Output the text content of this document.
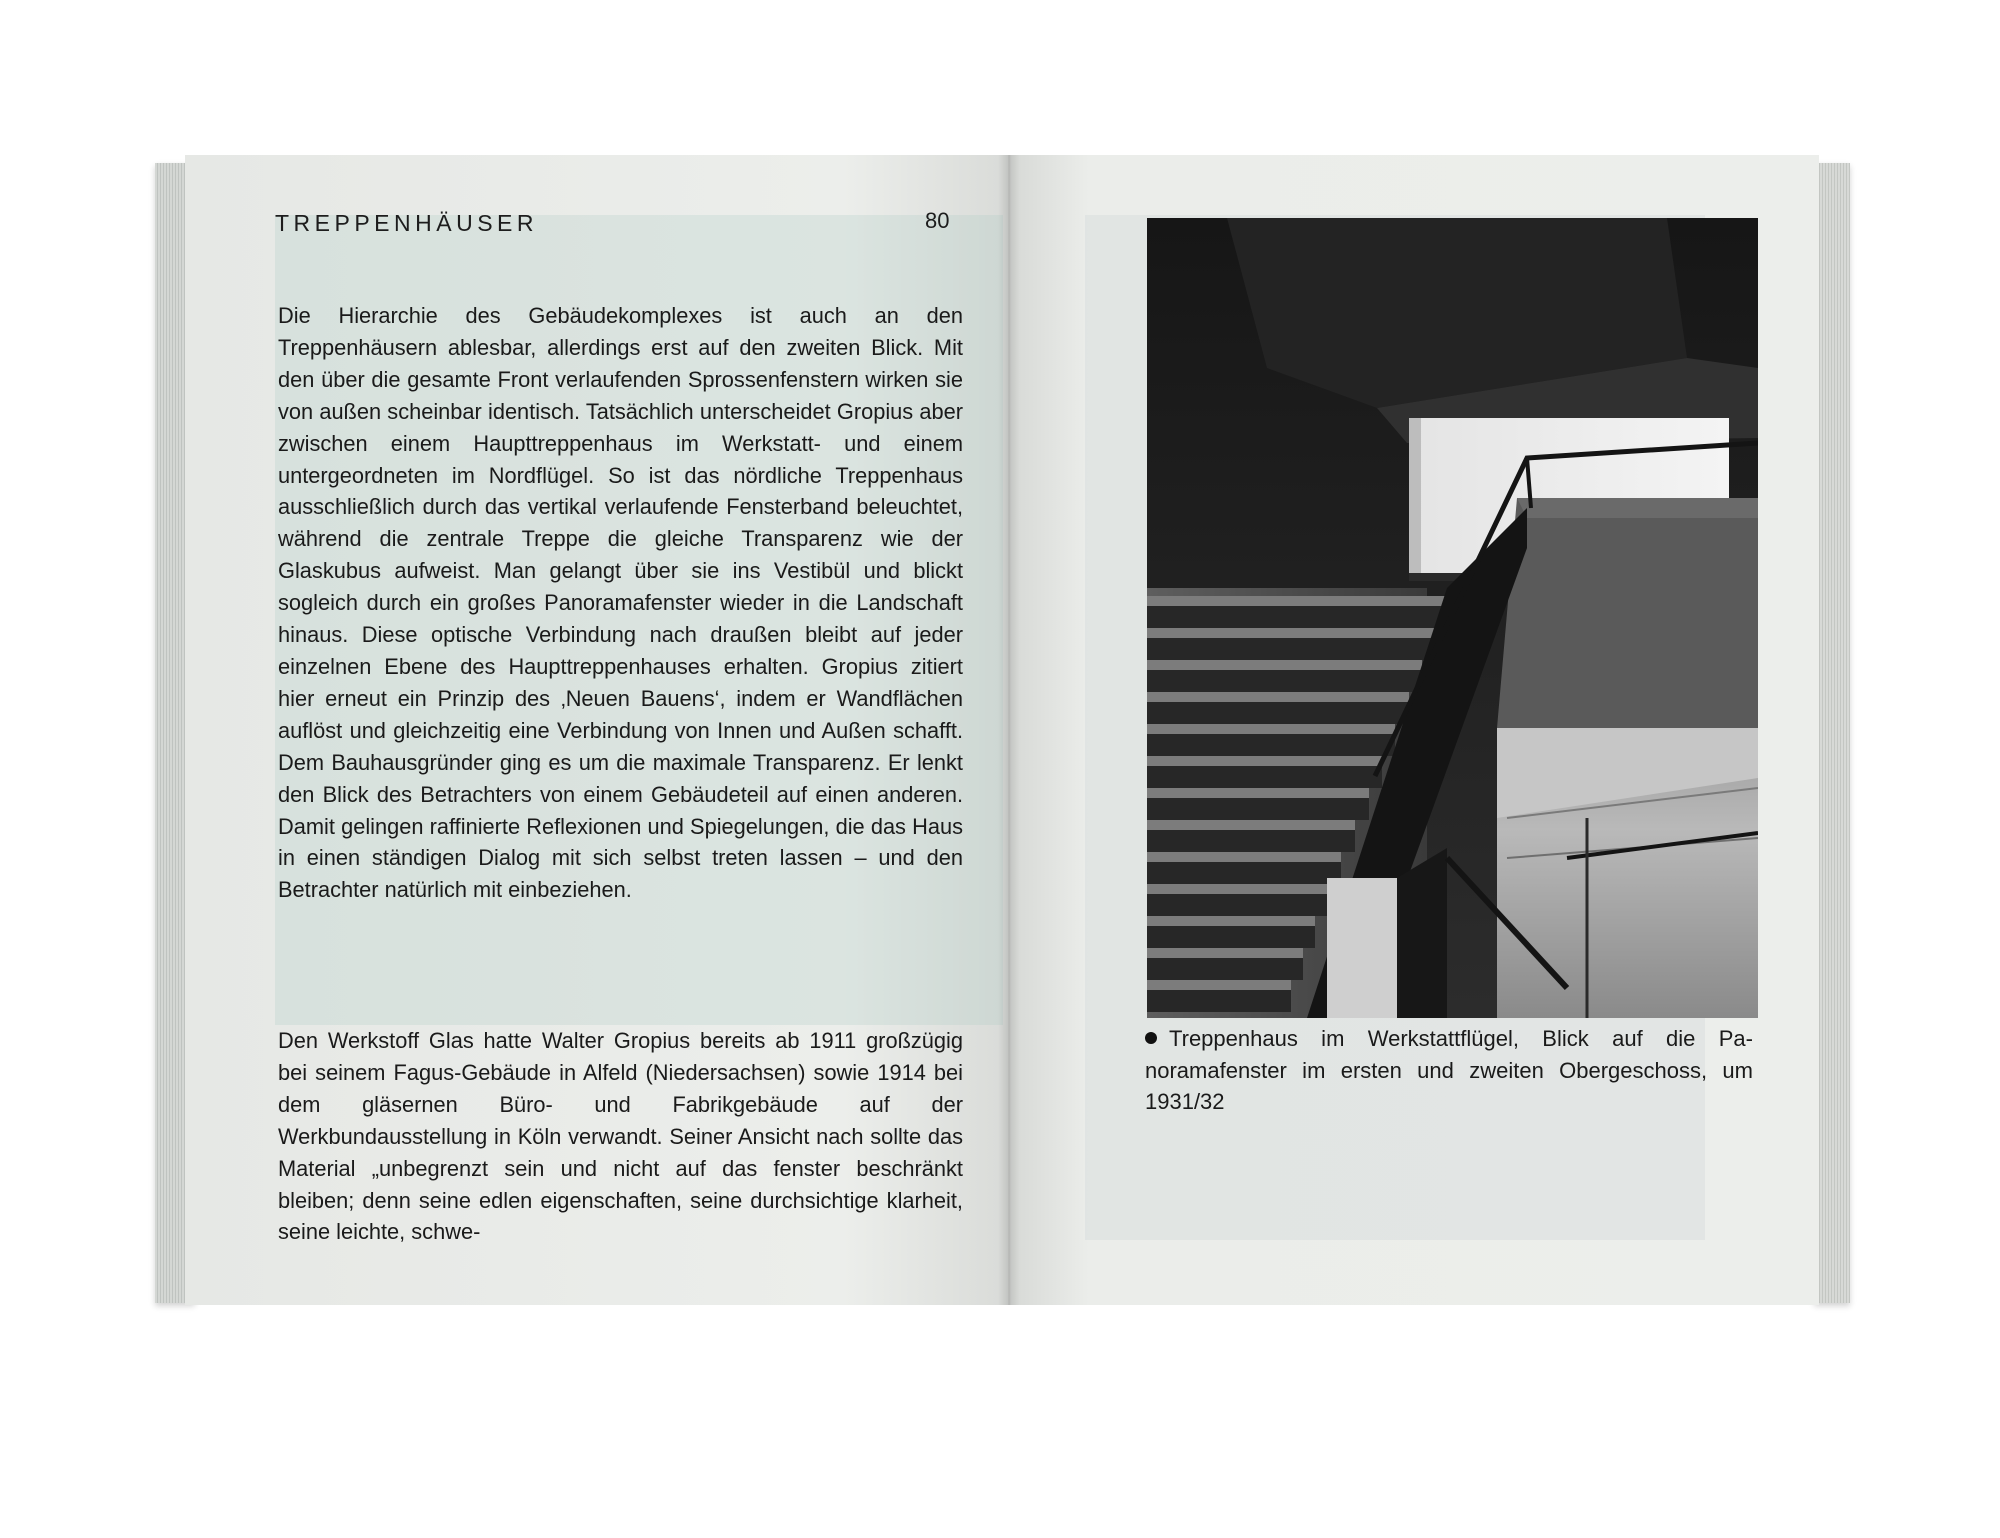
TREPPENHÄUSER	80

Die Hierarchie des Gebäudekomplexes ist auch an den Treppenhäusern ablesbar, allerdings erst auf den zweiten Blick. Mit den über die gesamte Front verlaufenden Sprossenfenstern wirken sie von außen scheinbar identisch. Tatsächlich unterscheidet Gropius aber zwischen einem Haupttreppenhaus im Werkstatt- und einem untergeordneten im Nordflügel. So ist das nördliche Treppenhaus ausschließlich durch das vertikal verlaufende Fensterband beleuchtet, während die zentrale Treppe die gleiche Transparenz wie der Glaskubus aufweist. Man gelangt über sie ins Vestibül und blickt sogleich durch ein großes Panoramafenster wieder in die Landschaft hinaus. Diese optische Verbindung nach draußen bleibt auf jeder einzelnen Ebene des Haupttreppenhauses erhalten. Gropius zitiert hier erneut ein Prinzip des ‚Neuen Bauens‘, indem er Wandflächen auflöst und gleichzeitig eine Verbindung von Innen und Außen schafft. Dem Bauhausgründer ging es um die maximale Transparenz. Er lenkt den Blick des Betrachters von einem Gebäudeteil auf einen anderen. Damit gelingen raffinierte Reflexionen und Spiegelungen, die das Haus in einen ständigen Dialog mit sich selbst treten lassen – und den Betrachter natürlich mit einbeziehen.

Den Werkstoff Glas hatte Walter Gropius bereits ab 1911 großzügig bei seinem Fagus-Gebäude in Alfeld (Niedersachsen) sowie 1914 bei dem gläsernen Büro- und Fabrikgebäude auf der Werkbundausstellung in Köln verwandt. Seiner Ansicht nach sollte das Material „unbegrenzt sein und nicht auf das fenster beschränkt bleiben; denn seine edlen eigenschaften, seine durchsichtige klarheit, seine leichte, schwe-

Treppenhaus im Werkstattflügel, Blick auf die Panoramafenster im ersten und zweiten Obergeschoss, um 1931/32
